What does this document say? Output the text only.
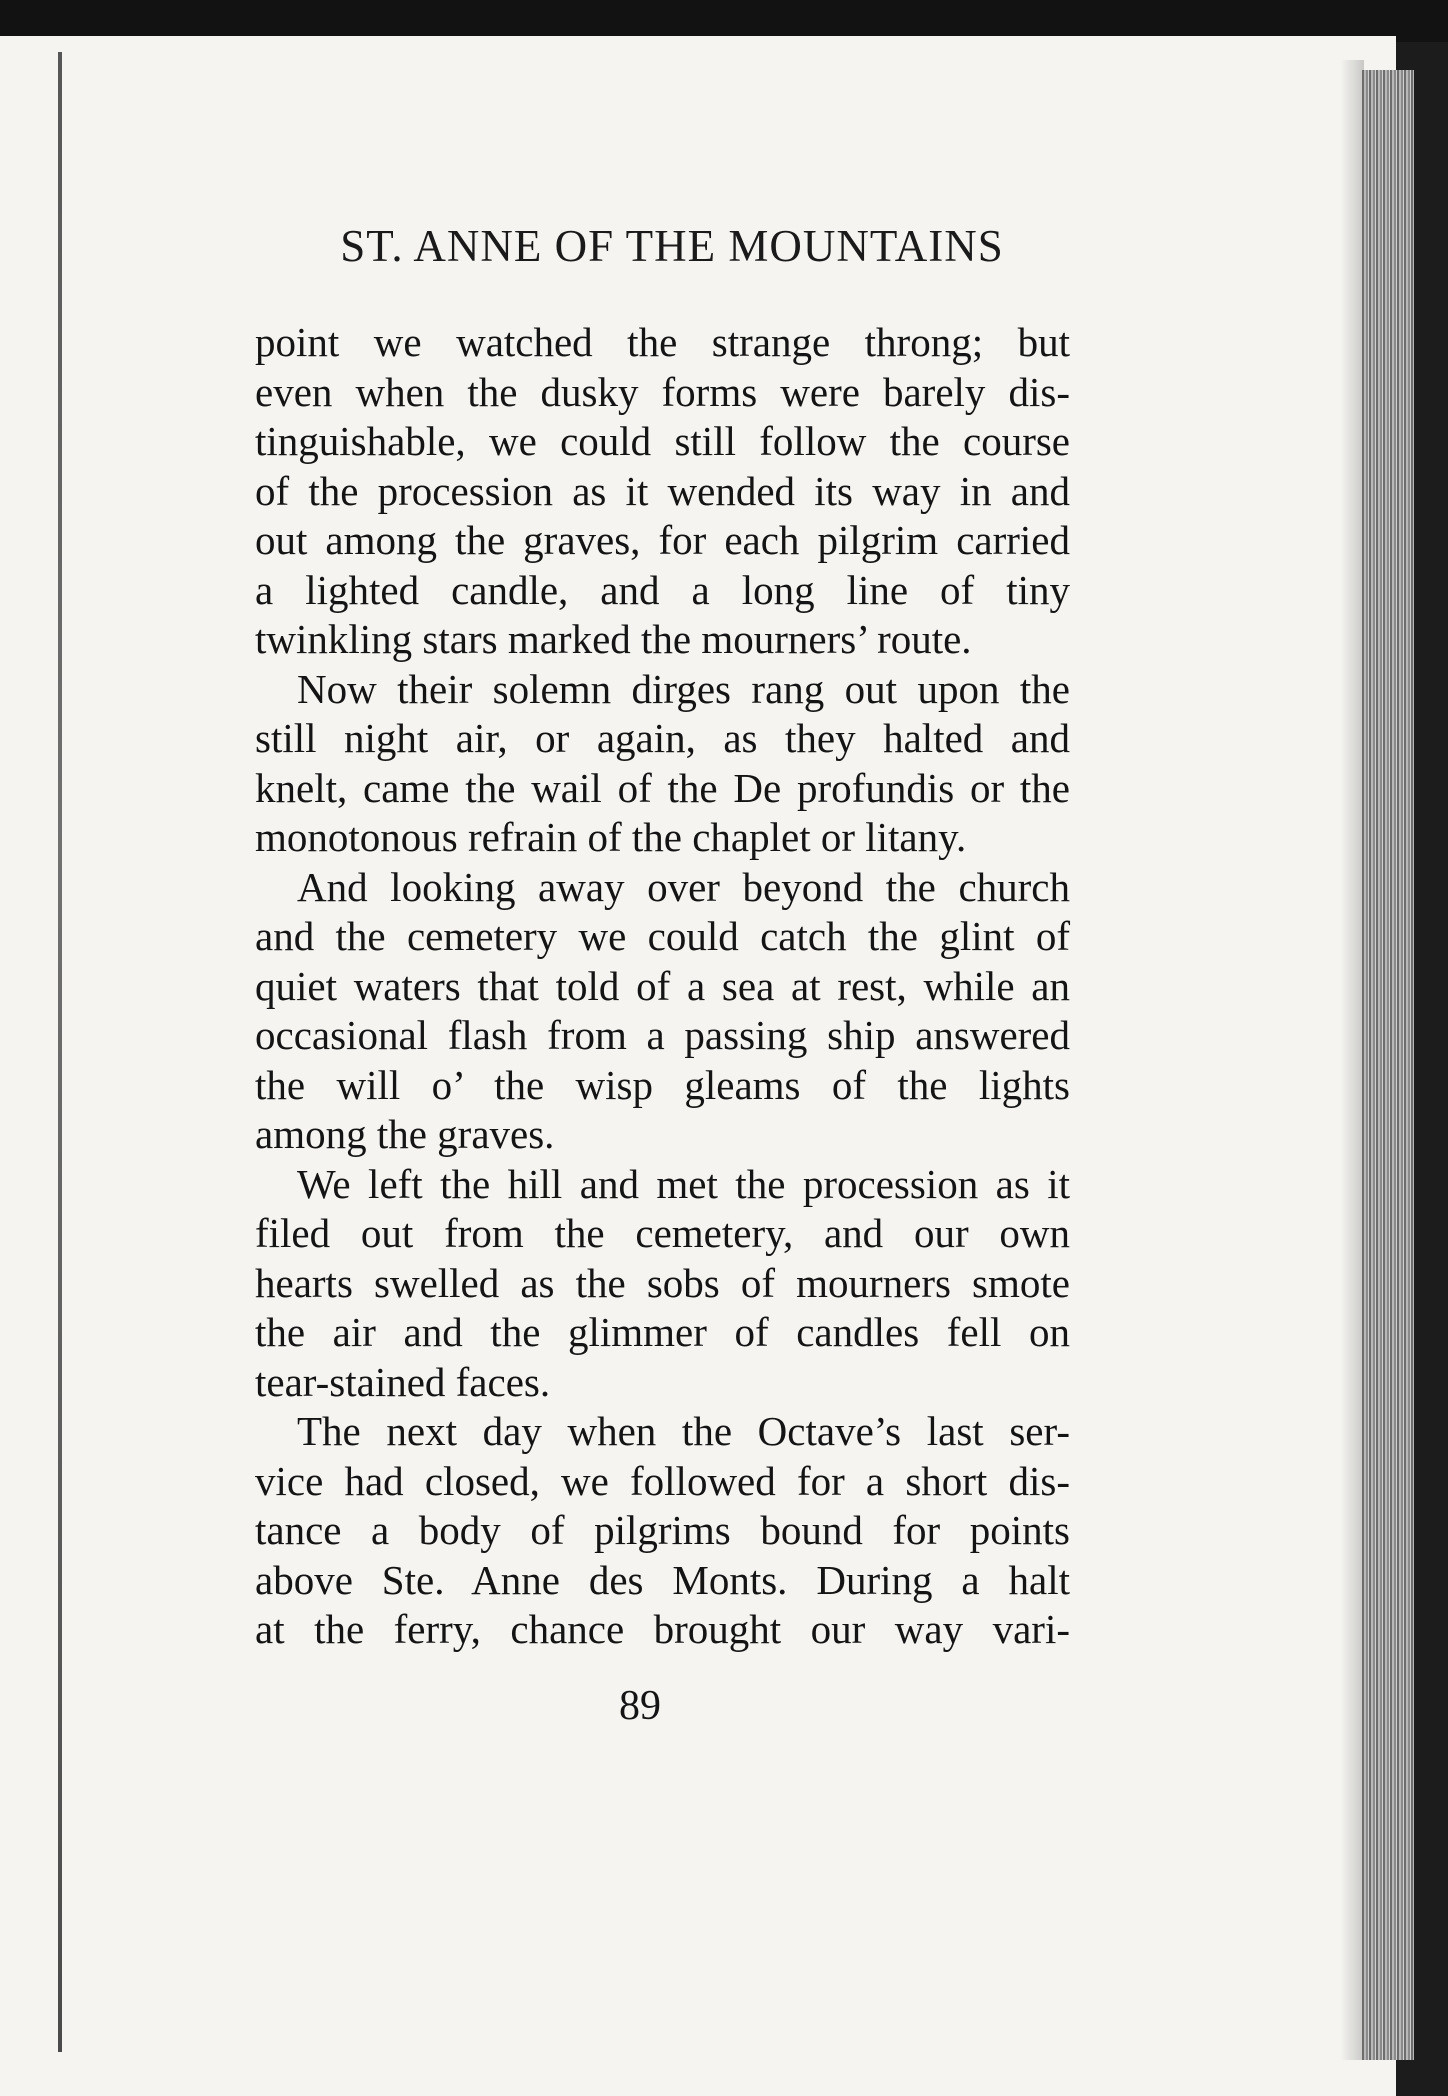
ST. ANNE OF THE MOUNTAINS
point we watched the strange throng; but
even when the dusky forms were barely dis-
tinguishable, we could still follow the course
of the procession as it wended its way in and
out among the graves, for each pilgrim carried
a lighted candle, and a long line of tiny
twinkling stars marked the mourners’ route.
Now their solemn dirges rang out upon the
still night air, or again, as they halted and
knelt, came the wail of the De profundis or the
monotonous refrain of the chaplet or litany.
And looking away over beyond the church
and the cemetery we could catch the glint of
quiet waters that told of a sea at rest, while an
occasional flash from a passing ship answered
the will o’ the wisp gleams of the lights
among the graves.
We left the hill and met the procession as it
filed out from the cemetery, and our own
hearts swelled as the sobs of mourners smote
the air and the glimmer of candles fell on
tear-stained faces.
The next day when the Octave’s last ser-
vice had closed, we followed for a short dis-
tance a body of pilgrims bound for points
above Ste. Anne des Monts. During a halt
at the ferry, chance brought our way vari-
89
